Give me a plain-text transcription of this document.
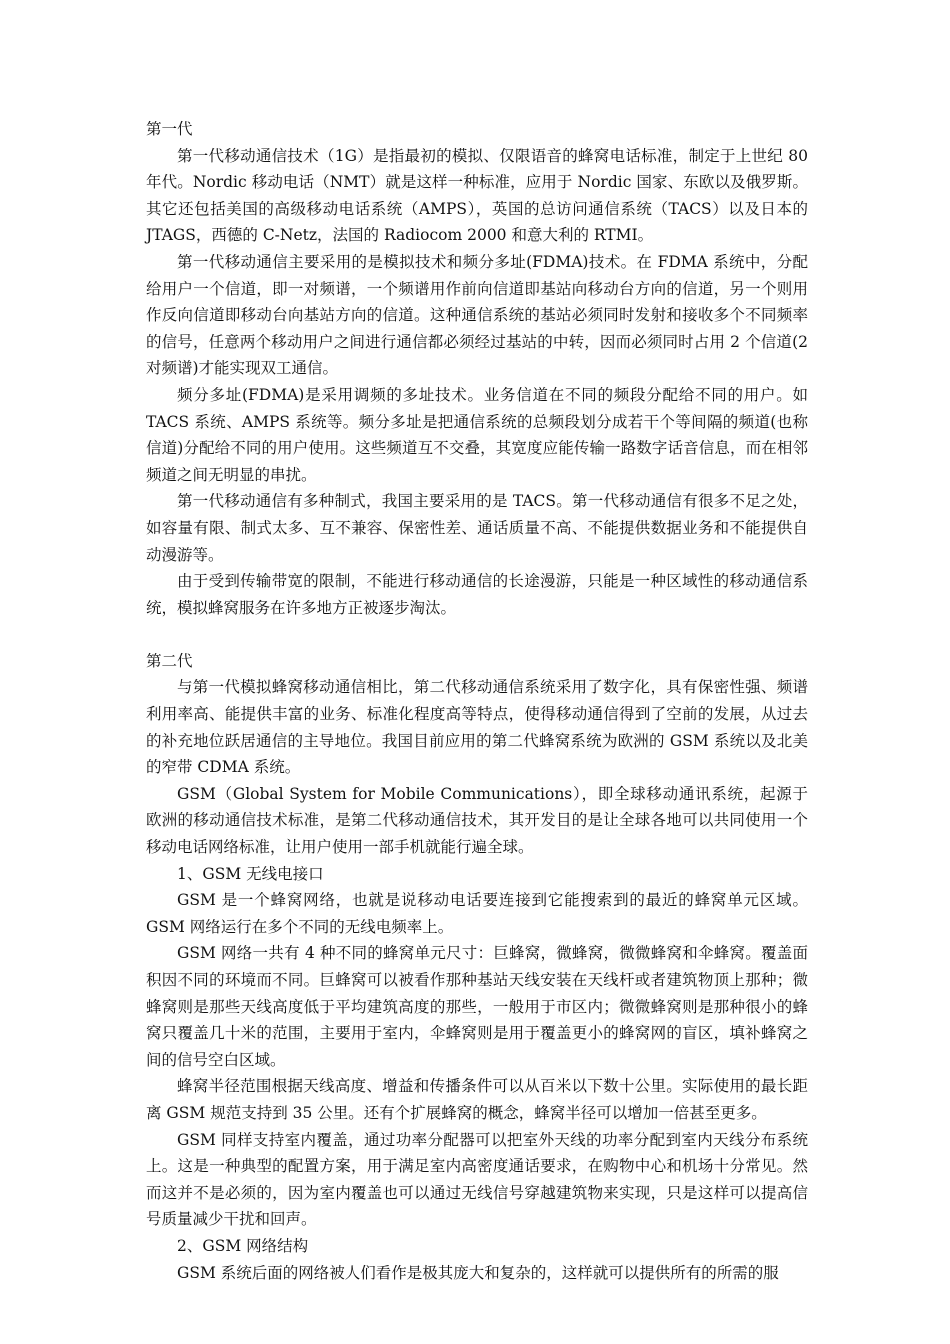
第一代

第一代移动通信技术（1G）是指最初的模拟、仅限语音的蜂窝电话标准，制定于上世纪 80 年代。Nordic 移动电话（NMT）就是这样一种标准，应用于 Nordic 国家、东欧以及俄罗斯。其它还包括美国的高级移动电话系统（AMPS），英国的总访问通信系统（TACS）以及日本的 JTAGS，西德的 C-Netz，法国的 Radiocom 2000 和意大利的 RTMI。

第一代移动通信主要采用的是模拟技术和频分多址(FDMA)技术。在 FDMA 系统中，分配给用户一个信道，即一对频谱，一个频谱用作前向信道即基站向移动台方向的信道，另一个则用作反向信道即移动台向基站方向的信道。这种通信系统的基站必须同时发射和接收多个不同频率的信号，任意两个移动用户之间进行通信都必须经过基站的中转，因而必须同时占用 2 个信道(2 对频谱)才能实现双工通信。

频分多址(FDMA)是采用调频的多址技术。业务信道在不同的频段分配给不同的用户。如 TACS 系统、AMPS 系统等。频分多址是把通信系统的总频段划分成若干个等间隔的频道(也称信道)分配给不同的用户使用。这些频道互不交叠，其宽度应能传输一路数字话音信息，而在相邻频道之间无明显的串扰。

第一代移动通信有多种制式，我国主要采用的是 TACS。第一代移动通信有很多不足之处，如容量有限、制式太多、互不兼容、保密性差、通话质量不高、不能提供数据业务和不能提供自动漫游等。

由于受到传输带宽的限制，不能进行移动通信的长途漫游，只能是一种区域性的移动通信系统，模拟蜂窝服务在许多地方正被逐步淘汰。

第二代

与第一代模拟蜂窝移动通信相比，第二代移动通信系统采用了数字化，具有保密性强、频谱利用率高、能提供丰富的业务、标准化程度高等特点，使得移动通信得到了空前的发展，从过去的补充地位跃居通信的主导地位。我国目前应用的第二代蜂窝系统为欧洲的 GSM 系统以及北美的窄带 CDMA 系统。

GSM（Global System for Mobile Communications），即全球移动通讯系统，起源于欧洲的移动通信技术标准，是第二代移动通信技术，其开发目的是让全球各地可以共同使用一个移动电话网络标准，让用户使用一部手机就能行遍全球。

1、GSM 无线电接口

GSM 是一个蜂窝网络，也就是说移动电话要连接到它能搜索到的最近的蜂窝单元区域。GSM 网络运行在多个不同的无线电频率上。

GSM 网络一共有 4 种不同的蜂窝单元尺寸：巨蜂窝，微蜂窝，微微蜂窝和伞蜂窝。覆盖面积因不同的环境而不同。巨蜂窝可以被看作那种基站天线安装在天线杆或者建筑物顶上那种；微蜂窝则是那些天线高度低于平均建筑高度的那些，一般用于市区内；微微蜂窝则是那种很小的蜂窝只覆盖几十米的范围，主要用于室内，伞蜂窝则是用于覆盖更小的蜂窝网的盲区，填补蜂窝之间的信号空白区域。

蜂窝半径范围根据天线高度、增益和传播条件可以从百米以下数十公里。实际使用的最长距离 GSM 规范支持到 35 公里。还有个扩展蜂窝的概念，蜂窝半径可以增加一倍甚至更多。

GSM 同样支持室内覆盖，通过功率分配器可以把室外天线的功率分配到室内天线分布系统上。这是一种典型的配置方案，用于满足室内高密度通话要求，在购物中心和机场十分常见。然而这并不是必须的，因为室内覆盖也可以通过无线信号穿越建筑物来实现，只是这样可以提高信号质量减少干扰和回声。

2、GSM 网络结构

GSM 系统后面的网络被人们看作是极其庞大和复杂的，这样就可以提供所有的所需的服
